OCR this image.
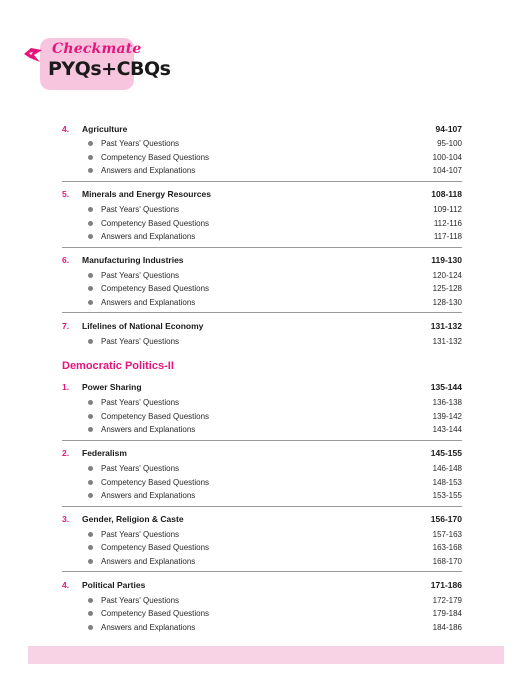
Checkmate
PYQs+CBQs
4.	Agriculture	94-107
Past Years' Questions	95-100
Competency Based Questions	100-104
Answers and Explanations	104-107
5.	Minerals and Energy Resources	108-118
Past Years' Questions	109-112
Competency Based Questions	112-116
Answers and Explanations	117-118
6.	Manufacturing Industries	119-130
Past Years' Questions	120-124
Competency Based Questions	125-128
Answers and Explanations	128-130
7.	Lifelines of National Economy	131-132
Past Years' Questions	131-132
Democratic Politics-II
1.	Power Sharing	135-144
Past Years' Questions	136-138
Competency Based Questions	139-142
Answers and Explanations	143-144
2.	Federalism	145-155
Past Years' Questions	146-148
Competency Based Questions	148-153
Answers and Explanations	153-155
3.	Gender, Religion & Caste	156-170
Past Years' Questions	157-163
Competency Based Questions	163-168
Answers and Explanations	168-170
4.	Political Parties	171-186
Past Years' Questions	172-179
Competency Based Questions	179-184
Answers and Explanations	184-186
